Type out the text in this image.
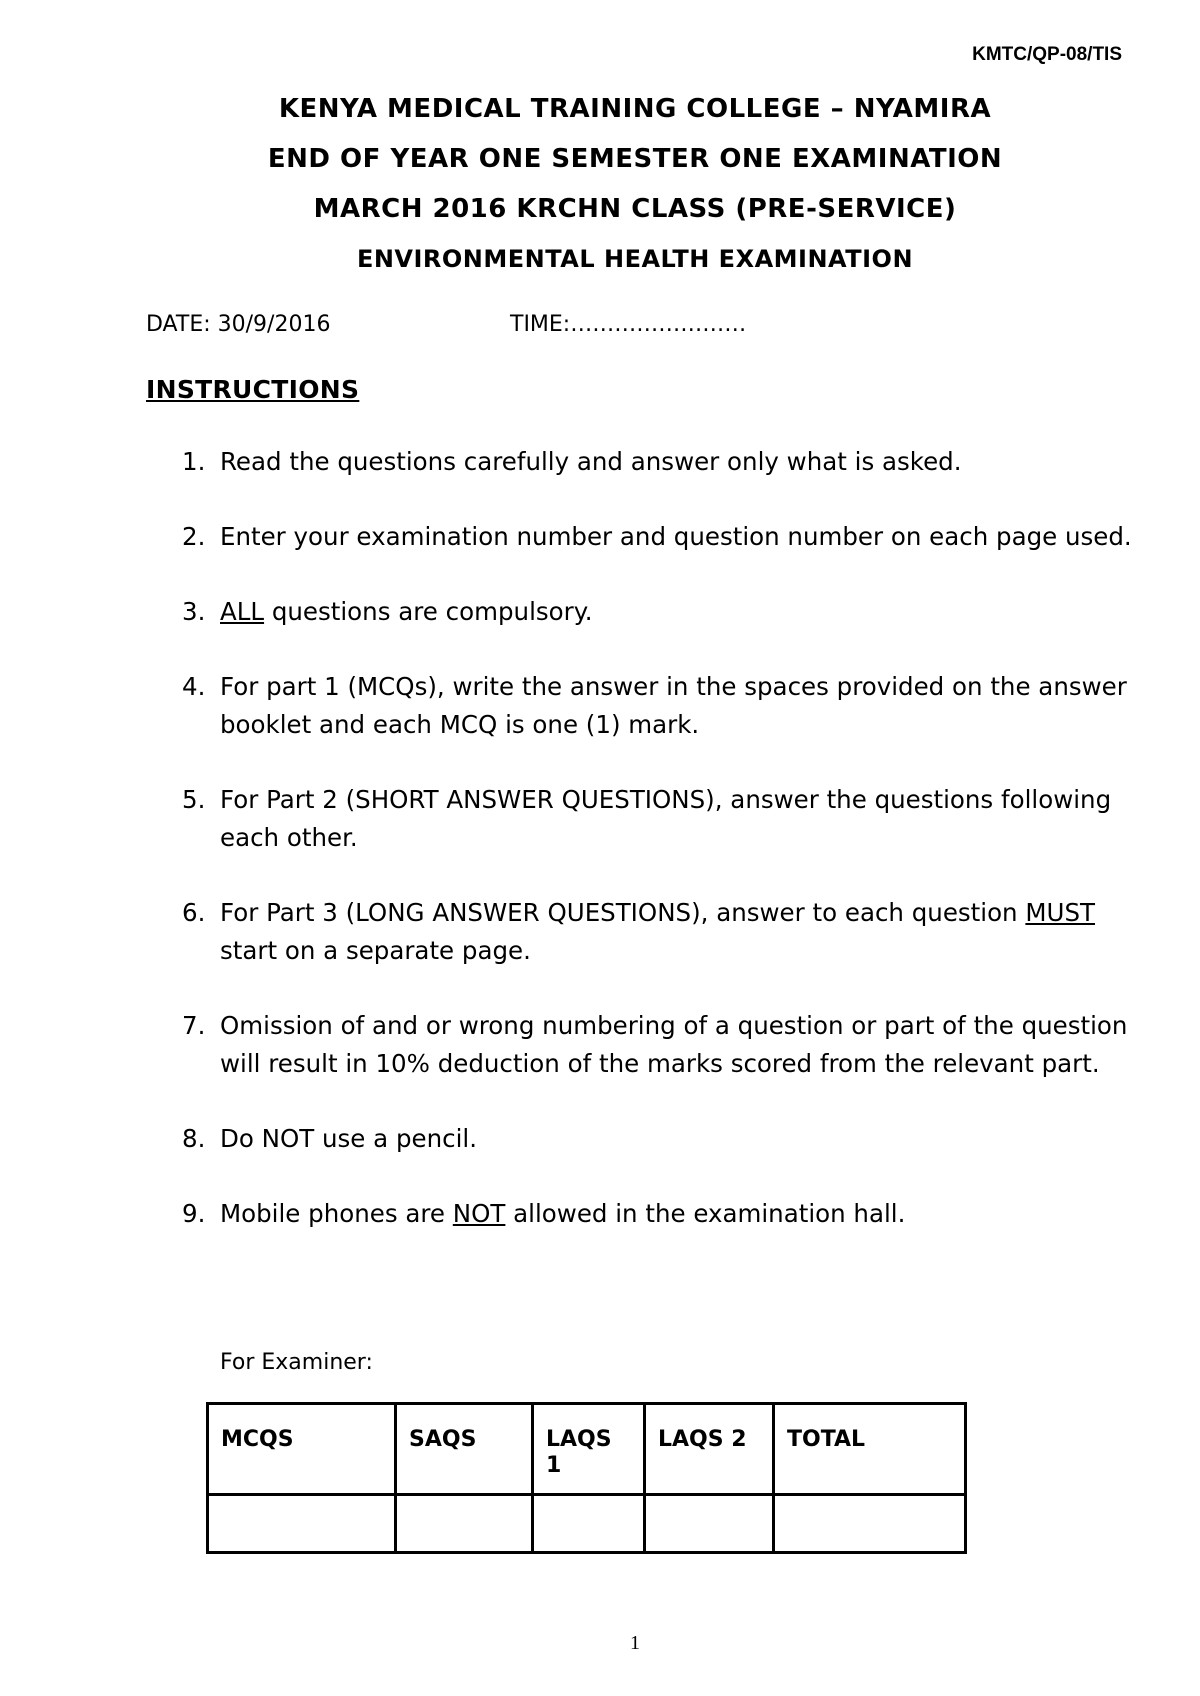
KMTC/QP-08/TIS
KENYA MEDICAL TRAINING COLLEGE – NYAMIRA
END OF YEAR ONE SEMESTER ONE EXAMINATION
MARCH 2016 KRCHN CLASS (PRE-SERVICE)
ENVIRONMENTAL HEALTH EXAMINATION
DATE: 30/9/2016	TIME:……………………
INSTRUCTIONS
1. Read the questions carefully and answer only what is asked.
2. Enter your examination number and question number on each page used.
3. ALL questions are compulsory.
4. For part 1 (MCQs), write the answer in the spaces provided on the answer booklet and each MCQ is one (1) mark.
5. For Part 2 (SHORT ANSWER QUESTIONS), answer the questions following each other.
6. For Part 3 (LONG ANSWER QUESTIONS), answer to each question MUST start on a separate page.
7. Omission of and or wrong numbering of a question or part of the question will result in 10% deduction of the marks scored from the relevant part.
8. Do NOT use a pencil.
9. Mobile phones are NOT allowed in the examination hall.
For Examiner:
MCQS	SAQS	LAQS 1	LAQS 2	TOTAL

1
